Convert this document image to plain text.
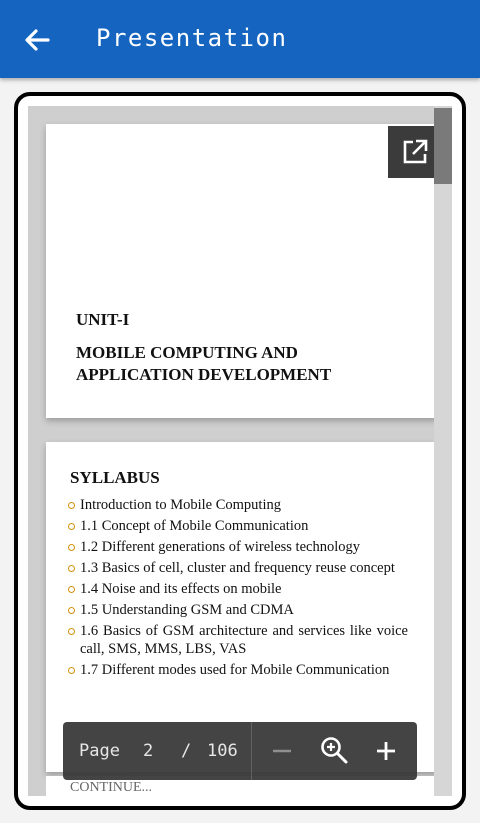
Presentation
UNIT-I
MOBILE COMPUTING AND
APPLICATION DEVELOPMENT
SYLLABUS
Introduction to Mobile Computing
1.1 Concept of Mobile Communication
1.2 Different generations of wireless technology
1.3 Basics of cell, cluster and frequency reuse concept
1.4 Noise and its effects on mobile
1.5 Understanding GSM and CDMA
1.6 Basics of GSM architecture and services like voice call, SMS, MMS, LBS, VAS
1.7 Different modes used for Mobile Communication
CONTINUE...
Page 2 / 106
